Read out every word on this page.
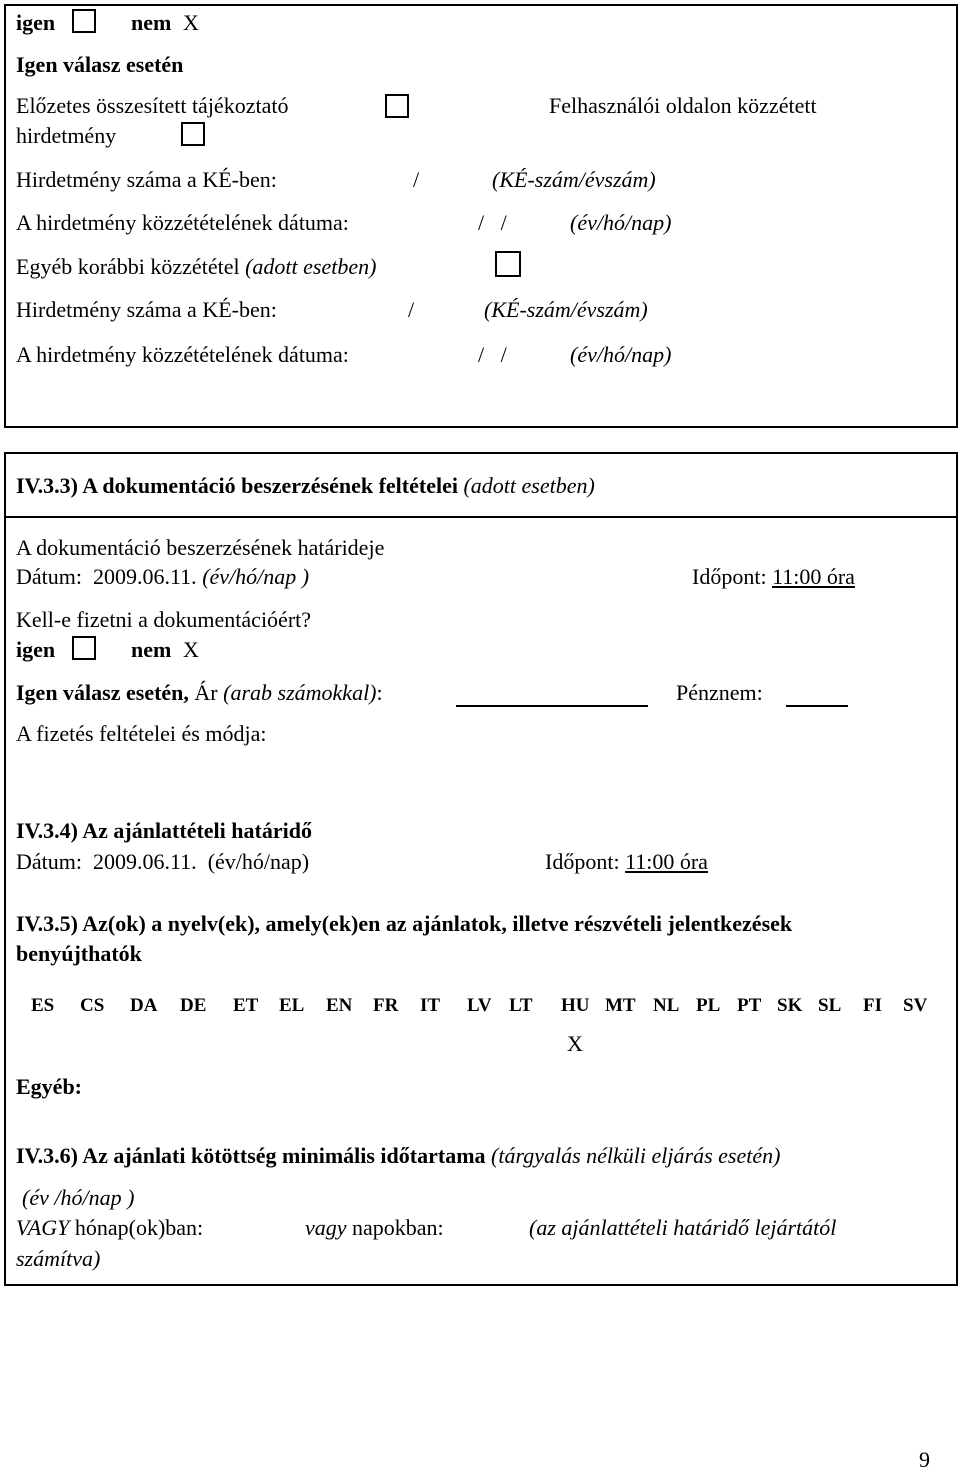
igen	nem X
Igen válasz esetén
Előzetes összesített tájékoztató	Felhasználói oldalon közzétett
hirdetmény
Hirdetmény száma a KÉ-ben:	/	(KÉ-szám/évszám)
A hirdetmény közzétételének dátuma:	/   /	(év/hó/nap)
Egyéb korábbi közzététel (adott esetben)
Hirdetmény száma a KÉ-ben:	/	(KÉ-szám/évszám)
A hirdetmény közzétételének dátuma:	/   /	(év/hó/nap)
IV.3.3) A dokumentáció beszerzésének feltételei (adott esetben)
A dokumentáció beszerzésének határideje
Dátum: 2009.06.11. (év/hó/nap )	Időpont: 11:00 óra
Kell-e fizetni a dokumentációért?
igen	nem X
Igen válasz esetén, Ár (arab számokkal):	Pénznem:
A fizetés feltételei és módja:
IV.3.4) Az ajánlattételi határidő
Dátum: 2009.06.11. (év/hó/nap)	Időpont: 11:00 óra
IV.3.5) Az(ok) a nyelv(ek), amely(ek)en az ajánlatok, illetve részvételi jelentkezések
benyújthatók
ES CS DA DE ET EL EN FR IT LV LT HU MT NL PL PT SK SL FI SV
X
Egyéb:
IV.3.6) Az ajánlati kötöttség minimális időtartama (tárgyalás nélküli eljárás esetén)
(év /hó/nap )
VAGY hónap(ok)ban:	vagy napokban:	(az ajánlattételi határidő lejártától
számítva)
9
